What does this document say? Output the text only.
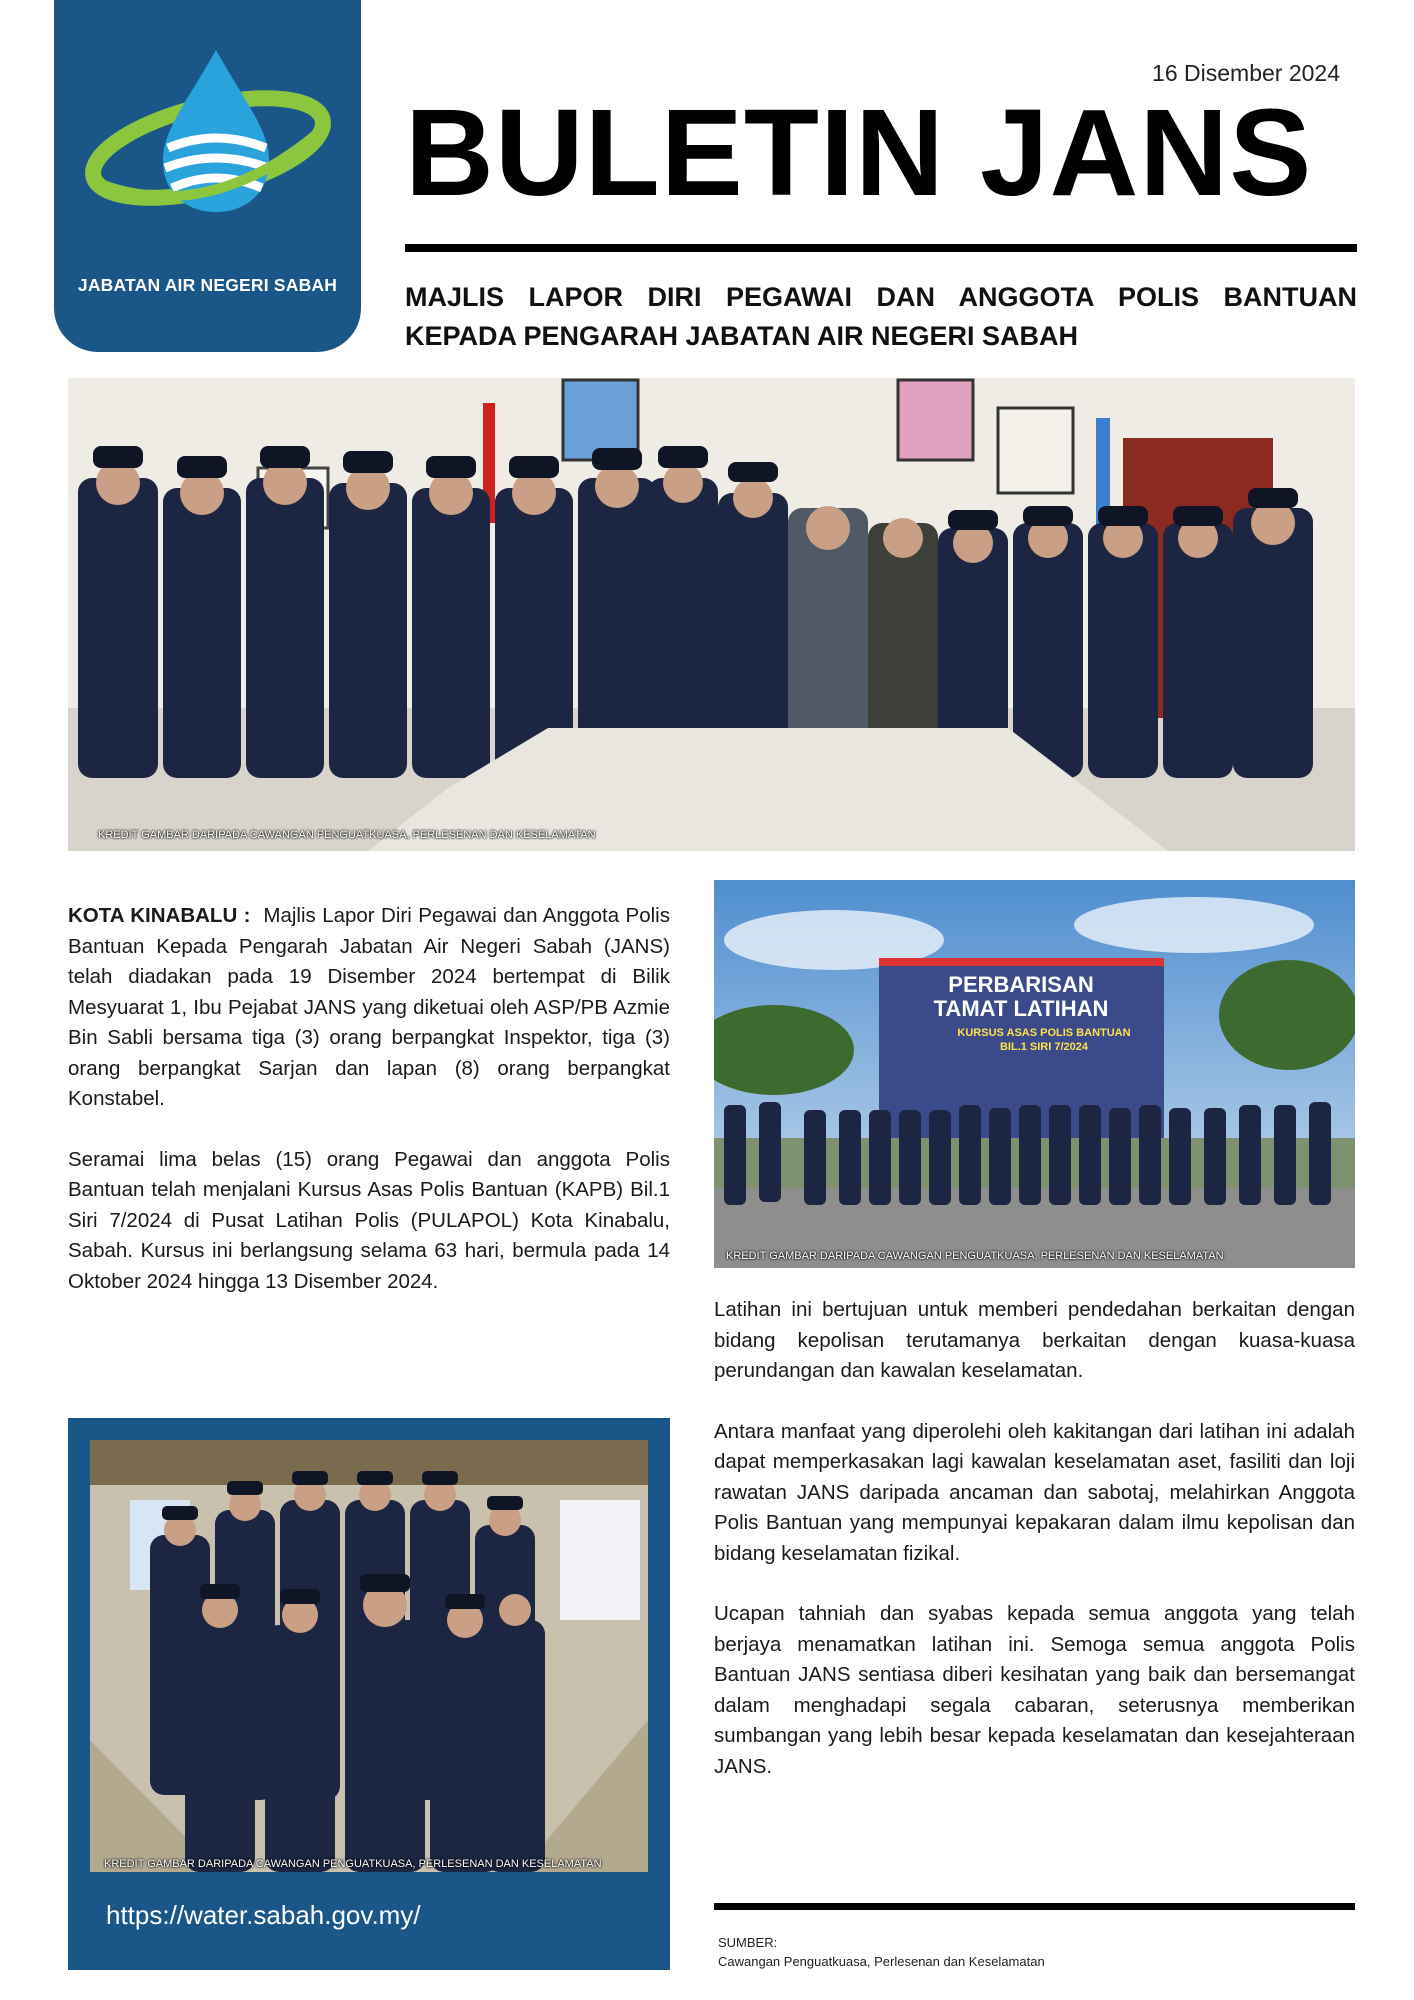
JABATAN AIR NEGERI SABAH
16 Disember 2024
BULETIN JANS
MAJLIS LAPOR DIRI PEGAWAI DAN ANGGOTA POLIS BANTUAN
KEPADA PENGARAH JABATAN AIR NEGERI SABAH
KREDIT GAMBAR DARIPADA CAWANGAN PENGUATKUASA, PERLESENAN DAN KESELAMATAN

KOTA KINABALU : Majlis Lapor Diri Pegawai dan Anggota Polis Bantuan Kepada Pengarah Jabatan Air Negeri Sabah (JANS) telah diadakan pada 19 Disember 2024 bertempat di Bilik Mesyuarat 1, Ibu Pejabat JANS yang diketuai oleh ASP/PB Azmie Bin Sabli bersama tiga (3) orang berpangkat Inspektor, tiga (3) orang berpangkat Sarjan dan lapan (8) orang berpangkat Konstabel.

Seramai lima belas (15) orang Pegawai dan anggota Polis Bantuan telah menjalani Kursus Asas Polis Bantuan (KAPB) Bil.1 Siri 7/2024 di Pusat Latihan Polis (PULAPOL) Kota Kinabalu, Sabah. Kursus ini berlangsung selama 63 hari, bermula pada 14 Oktober 2024 hingga 13 Disember 2024.

PERBARISAN
TAMAT LATIHAN
KURSUS ASAS POLIS BANTUAN
BIL.1 SIRI 7/2024
KREDIT GAMBAR DARIPADA CAWANGAN PENGUATKUASA, PERLESENAN DAN KESELAMATAN

Latihan ini bertujuan untuk memberi pendedahan berkaitan dengan bidang kepolisan terutamanya berkaitan dengan kuasa-kuasa perundangan dan kawalan keselamatan.

Antara manfaat yang diperolehi oleh kakitangan dari latihan ini adalah dapat memperkasakan lagi kawalan keselamatan aset, fasiliti dan loji rawatan JANS daripada ancaman dan sabotaj, melahirkan Anggota Polis Bantuan yang mempunyai kepakaran dalam ilmu kepolisan dan bidang keselamatan fizikal.

Ucapan tahniah dan syabas kepada semua anggota yang telah berjaya menamatkan latihan ini. Semoga semua anggota Polis Bantuan JANS sentiasa diberi kesihatan yang baik dan bersemangat dalam menghadapi segala cabaran, seterusnya memberikan sumbangan yang lebih besar kepada keselamatan dan kesejahteraan JANS.

KREDIT GAMBAR DARIPADA CAWANGAN PENGUATKUASA, PERLESENAN DAN KESELAMATAN
https://water.sabah.gov.my/
SUMBER:
Cawangan Penguatkuasa, Perlesenan dan Keselamatan
